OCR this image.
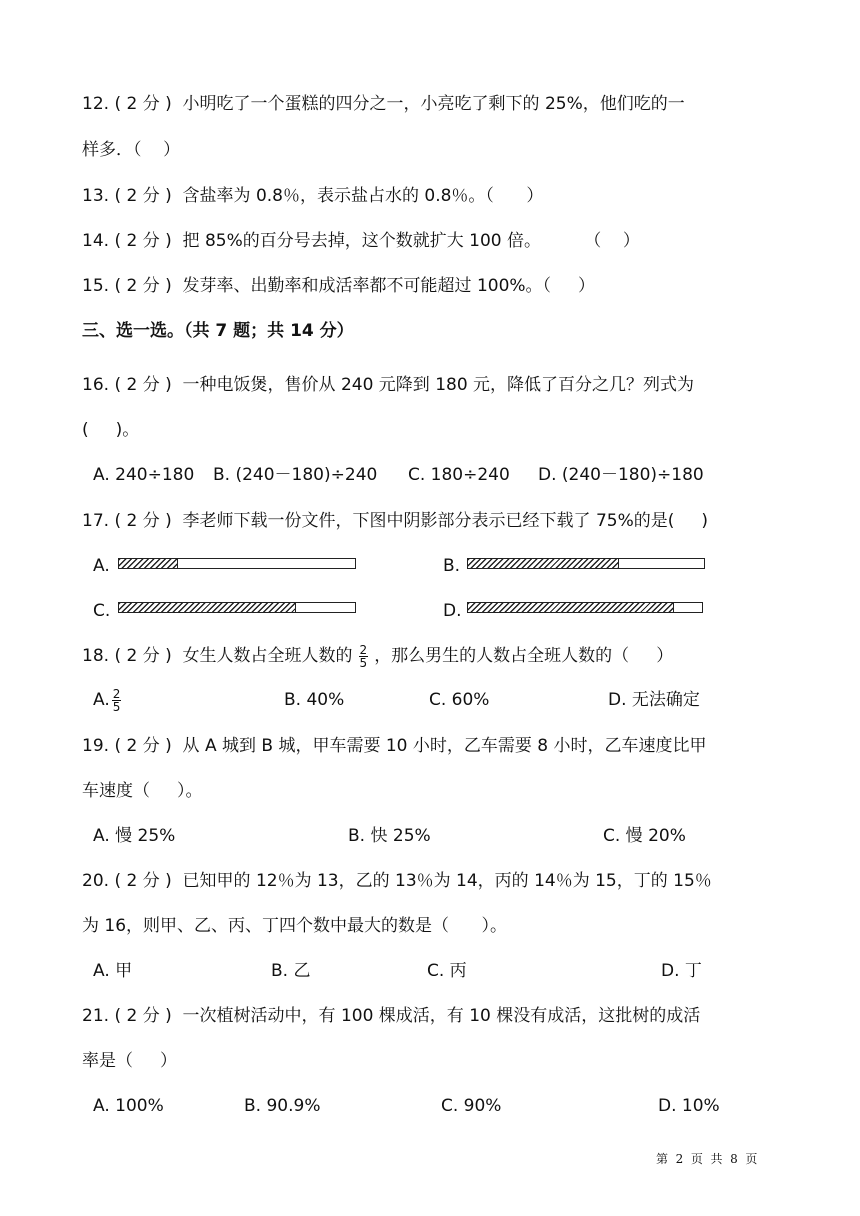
12. ( 2 分 )  小明吃了一个蛋糕的四分之一，小亮吃了剩下的 25%，他们吃的一
样多．（    ）
13. ( 2 分 )  含盐率为 0.8％，表示盐占水的 0.8％。（      ）
14. ( 2 分 )  把 85%的百分号去掉，这个数就扩大 100 倍。        （    ）
15. ( 2 分 )  发芽率、出勤率和成活率都不可能超过 100%。（     ）
三、选一选。（共 7 题；共 14 分）
16. ( 2 分 )  一种电饭煲，售价从 240 元降到 180 元，降低了百分之几？列式为
(     )。
A. 240÷180 B. (240－180)÷240 C. 180÷240 D. (240－180)÷180
17. ( 2 分 )  李老师下载一份文件，下图中阴影部分表示已经下载了 75%的是(     )
A.	B.
C.	D.
18. ( 2 分 )  女生人数占全班人数的 $\frac{2}{5}$ ，那么男生的人数占全班人数的（     ）
A. $\frac{2}{5}$	B. 40%	C. 60%	D. 无法确定
19. ( 2 分 )  从 A 城到 B 城，甲车需要 10 小时，乙车需要 8 小时，乙车速度比甲
车速度（     ）。
A. 慢 25%	B. 快 25%	C. 慢 20%
20. ( 2 分 )  已知甲的 12％为 13，乙的 13％为 14，丙的 14％为 15，丁的 15％
为 16，则甲、乙、丙、丁四个数中最大的数是（      ）。
A. 甲	B. 乙	C. 丙	D. 丁
21. ( 2 分 )  一次植树活动中，有 100 棵成活，有 10 棵没有成活，这批树的成活
率是（     ）
A. 100%	B. 90.9%	C. 90%	D. 10%
第  2  页  共  8  页
